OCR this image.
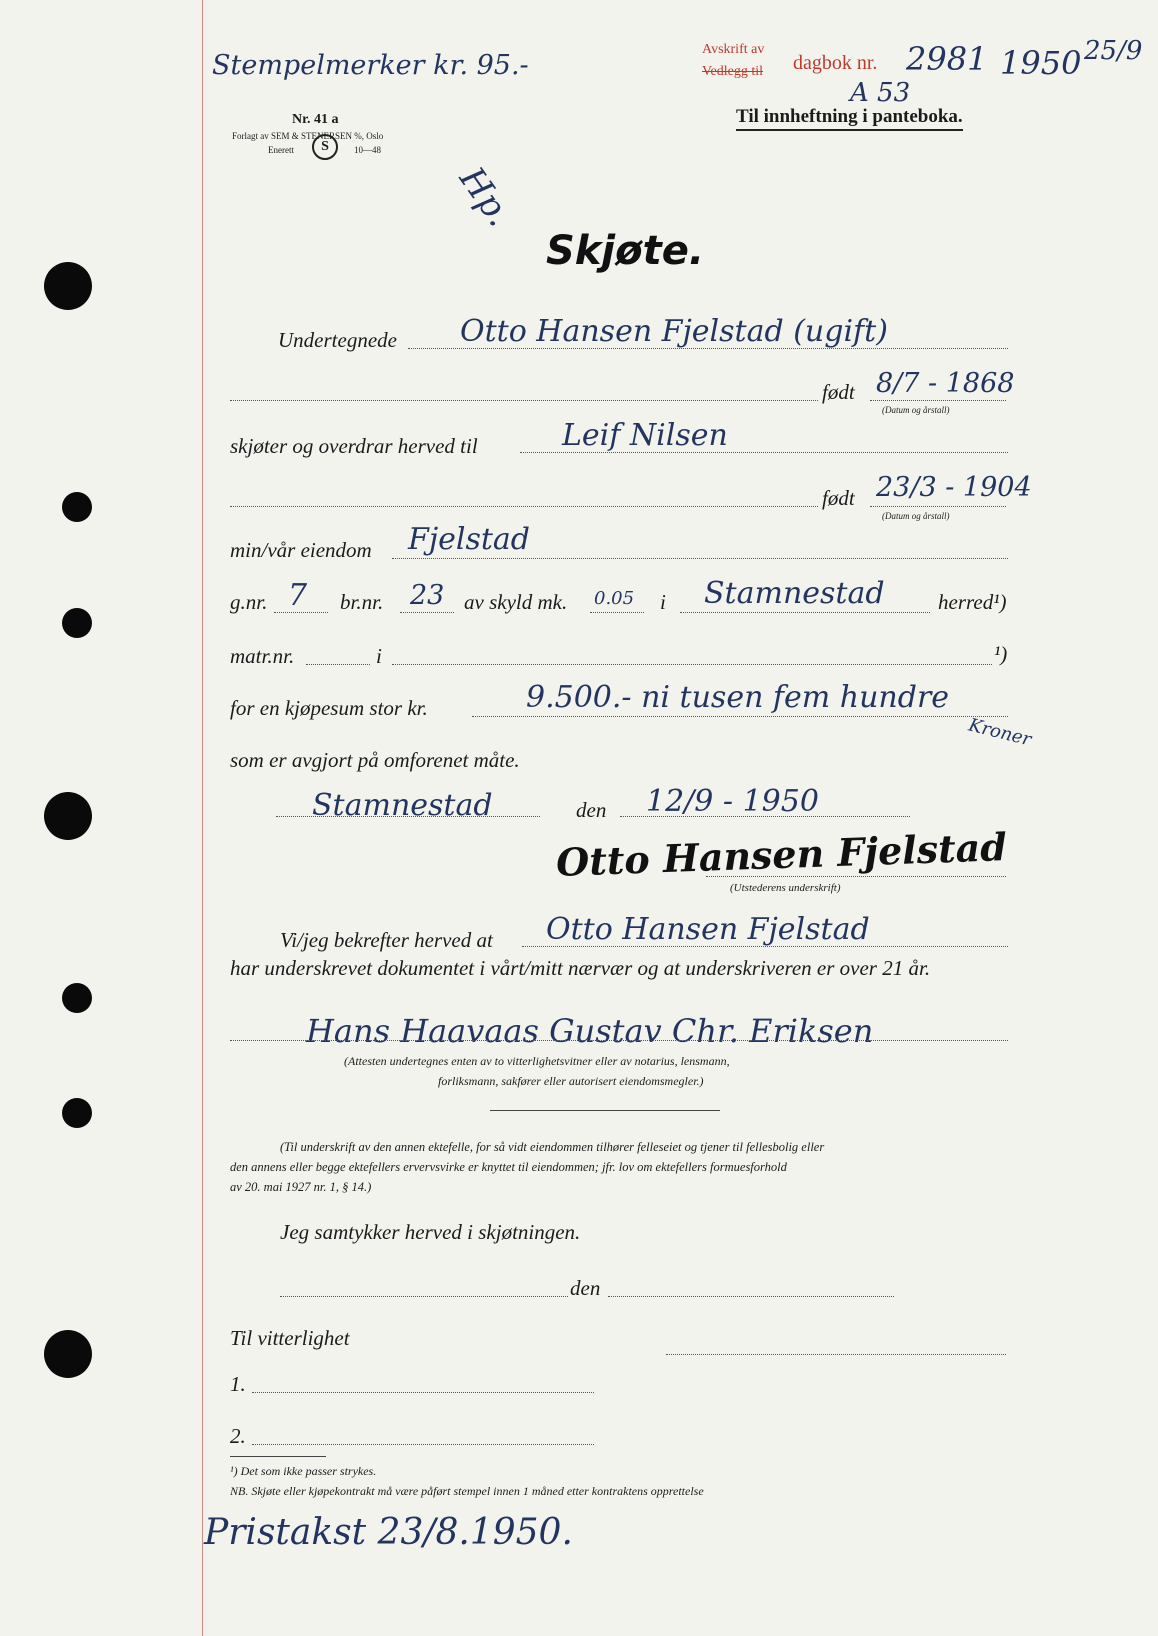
Stempelmerker kr. 95.-
Avskrift av
Vedlegg til dagbok nr. 2981 1950 25/9
A 53
Til innheftning i panteboka.
Nr. 41 a
Forlagt av SEM & STENERSEN %, Oslo
Enerett	S	10—48
Hp.
Skjøte.
Undertegnede Otto Hansen Fjelstad (ugift)
født 8/7 - 1868
(Datum og årstall)
skjøter og overdrar herved til	Leif Nilsen
født 23/3 - 1904
(Datum og årstall)
min/vår eiendom Fjelstad
g.nr. 7 br.nr. 23 av skyld mk. 0.05 i Stamnestad	herred¹)
matr.nr.	i	¹)
for en kjøpesum stor kr.	9.500.- ni tusen fem hundre
Kroner
som er avgjort på omforenet måte.
Stamnestad	den 12/9 - 1950
Otto Hansen Fjelstad
(Utstederens underskrift)
Vi/jeg bekrefter herved at Otto Hansen Fjelstad
har underskrevet dokumentet i vårt/mitt nærvær og at underskriveren er over 21 år.
Hans Haavaas Gustav Chr. Eriksen
(Attesten undertegnes enten av to vitterlighetsvitner eller av notarius, lensmann,
forliksmann, sakfører eller autorisert eiendomsmegler.)
(Til underskrift av den annen ektefelle, for så vidt eiendommen tilhører felleseiet og tjener til fellesbolig eller
den annens eller begge ektefellers ervervsvirke er knyttet til eiendommen; jfr. lov om ektefellers formuesforhold
av 20. mai 1927 nr. 1, § 14.)
Jeg samtykker herved i skjøtningen.
den
Til vitterlighet
1.
2.
¹) Det som ikke passer strykes.
NB. Skjøte eller kjøpekontrakt må være påført stempel innen 1 måned etter kontraktens opprettelse
Pristakst 23/8.1950.
